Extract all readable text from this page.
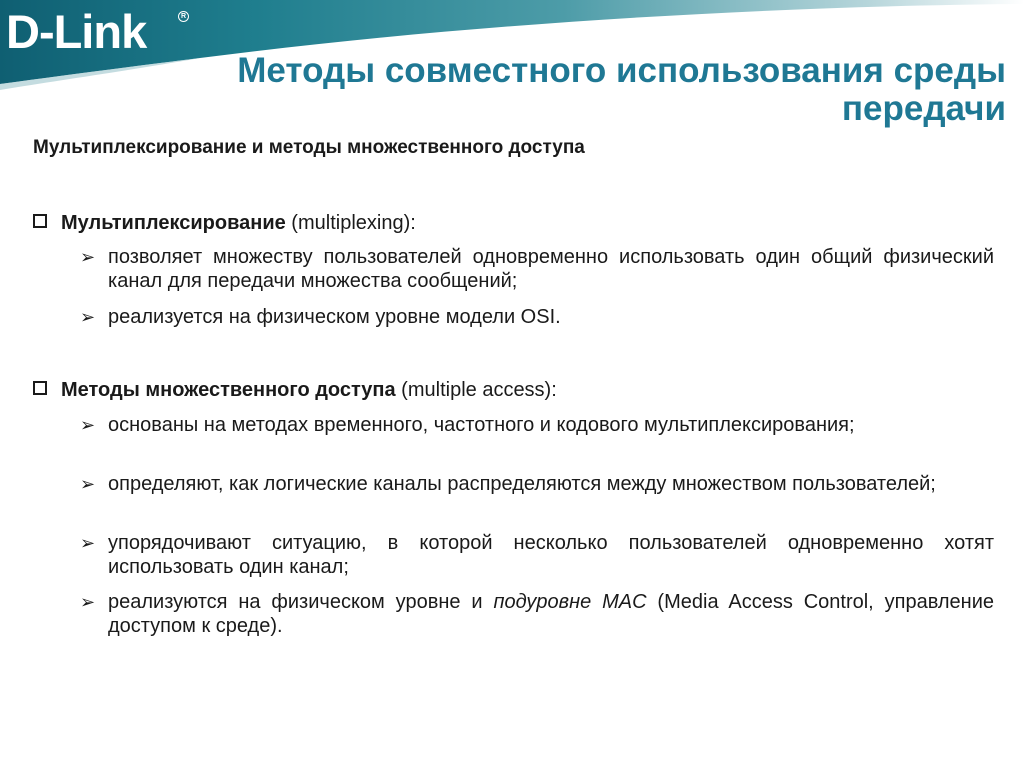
D-Link	R
Методы совместного использования среды передачи
Мультиплексирование и методы множественного доступа
Мультиплексирование (multiplexing):
➢ позволяет множеству пользователей одновременно использовать один общий физический канал для передачи множества сообщений;
➢ реализуется на физическом уровне модели OSI.
Методы множественного доступа (multiple access):
➢ основаны на методах временного, частотного и кодового мультиплексирования;
➢ определяют, как логические каналы распределяются между множеством пользователей;
➢ упорядочивают ситуацию, в которой несколько пользователей одновременно хотят использовать один канал;
➢ реализуются на физическом уровне и подуровне MAC (Media Access Control, управление доступом к среде).
